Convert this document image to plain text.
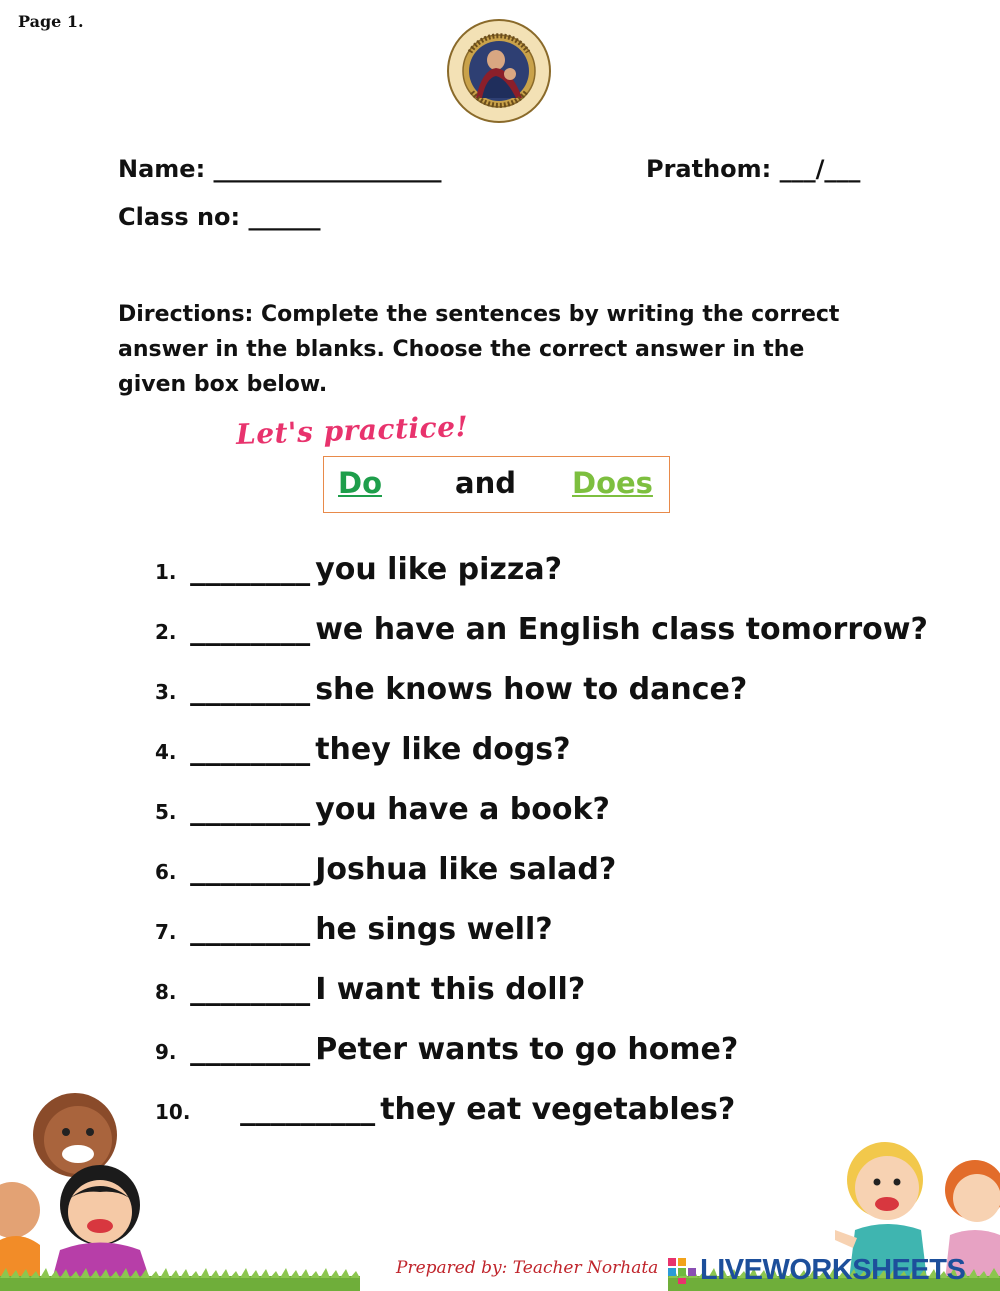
Page 1.
Name: ___________________	Prathom: ___/___
Class no: ______
Directions: Complete the sentences by writing the correct answer in the blanks. Choose the correct answer in the given box below.
Let's practice!
Do	and Does
1. ________ you like pizza?
2. ________ we have an English class tomorrow?
3. ________ she knows how to dance?
4. ________ they like dogs?
5. ________ you have a book?
6. ________ Joshua like salad?
7. ________ he sings well?
8. ________ I want this doll?
9. ________ Peter wants to go home?
10. _________ they eat vegetables?
Prepared by: Teacher Norhata LIVEWORKSHEETS
